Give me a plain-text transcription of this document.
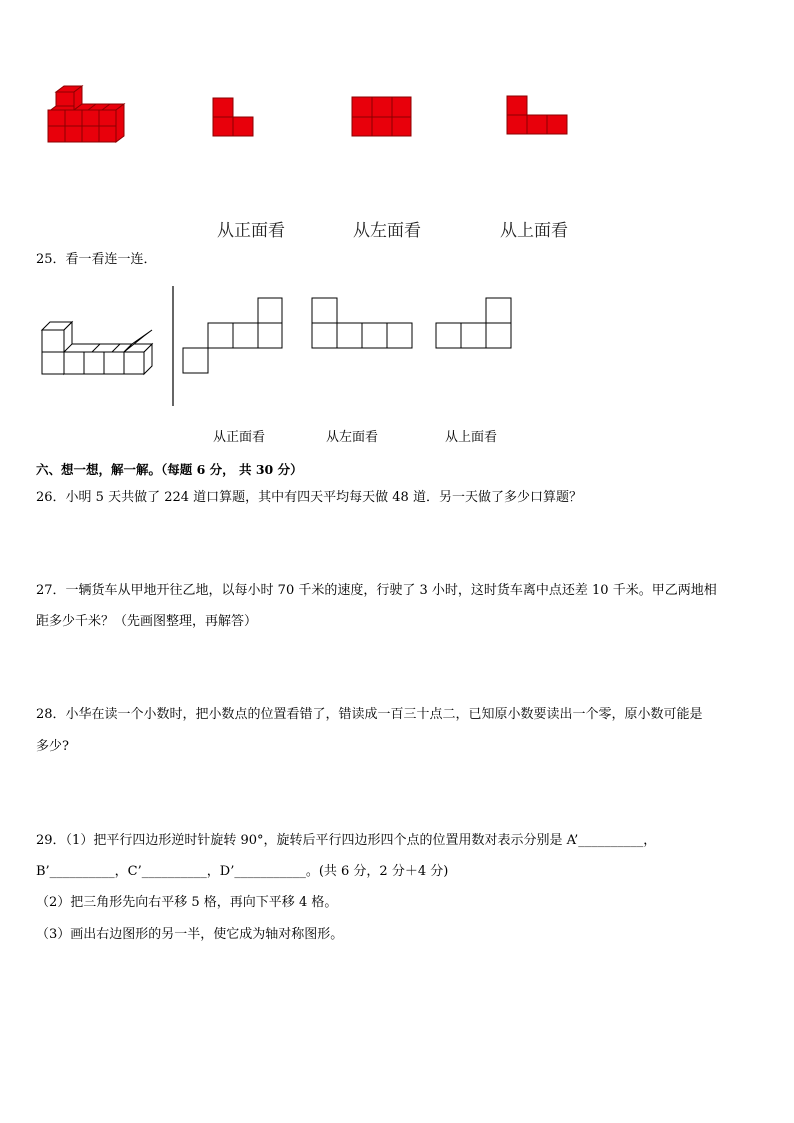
从正面看	从左面看	从上面看
25．看一看连一连．
从正面看	从左面看	从上面看
六、想一想，解一解。（每题 6 分， 共 30 分）
26．小明 5 天共做了 224 道口算题，其中有四天平均每天做 48 道．另一天做了多少口算题？
27．一辆货车从甲地开往乙地，以每小时 70 千米的速度，行驶了 3 小时，这时货车离中点还差 10 千米。甲乙两地相
距多少千米？（先画图整理，再解答）
28．小华在读一个小数时，把小数点的位置看错了，错读成一百三十点二，已知原小数要读出一个零，原小数可能是
多少?
29．（1）把平行四边形逆时针旋转 90°，旋转后平行四边形四个点的位置用数对表示分别是 A’__________，
B’__________，C’__________，D’___________。(共 6 分，2 分＋4 分)
（2）把三角形先向右平移 5 格，再向下平移 4 格。
（3）画出右边图形的另一半，使它成为轴对称图形。
